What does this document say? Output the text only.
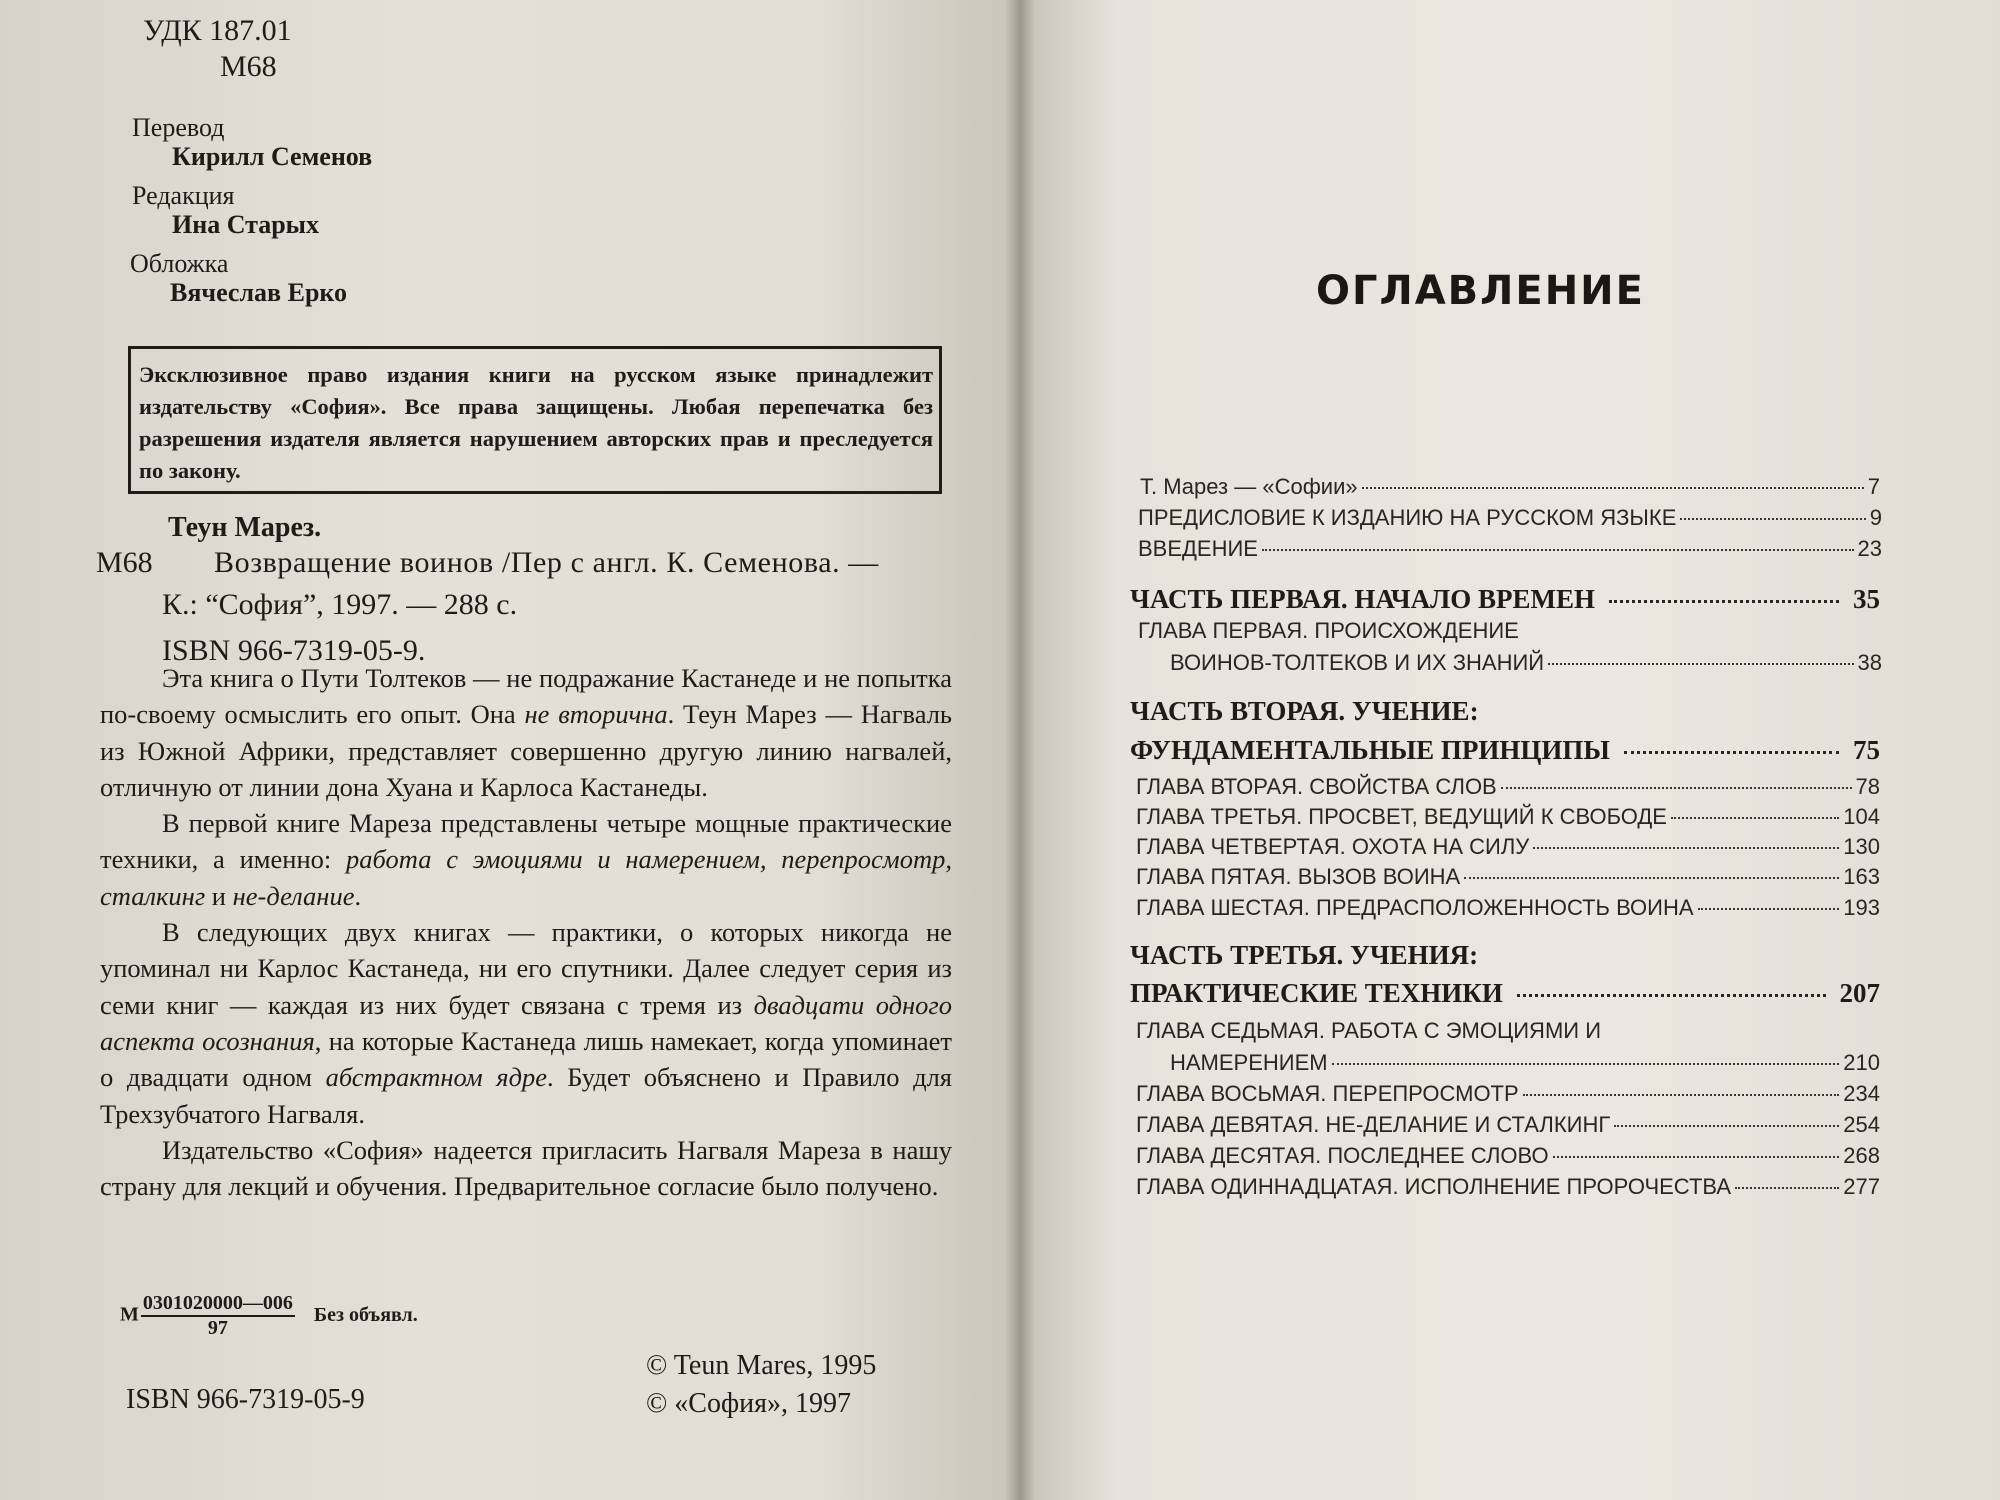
УДК 187.01
М68
Перевод
Кирилл Семенов
Редакция
Ина Старых
Обложка
Вячеслав Ерко
Эксклюзивное право издания книги на русском языке принадлежит издательству «София». Все права защищены. Любая перепечатка без разрешения издателя является нарушением авторских прав и преследуется по закону.
Теун Марез.
М68 Возвращение воинов /Пер с англ. К. Семенова. —
К.: “София”, 1997. — 288 с.
ISBN 966-7319-05-9.

Эта книга о Пути Толтеков — не подражание Кастанеде и не попытка по-своему осмыслить его опыт. Она не вторична. Теун Марез — Нагваль из Южной Африки, представляет совершенно другую линию нагвалей, отличную от линии дона Хуана и Карлоса Кастанеды.

В первой книге Мареза представлены четыре мощные практические техники, а именно: работа с эмоциями и намерением, перепросмотр, сталкинг и не-делание.

В следующих двух книгах — практики, о которых никогда не упоминал ни Карлос Кастанеда, ни его спутники. Далее следует серия из семи книг — каждая из них будет связана с тремя из двадцати одного аспекта осознания, на которые Кастанеда лишь намекает, когда упоминает о двадцати одном абстрактном ядре. Будет объяснено и Правило для Трехзубчатого Нагваля.

Издательство «София» надеется пригласить Нагваля Мареза в нашу страну для лекций и обучения. Предварительное согласие было получено.

М $\frac{0301020000—006}{97}$ Без объявл.
ISBN 966-7319-05-9
© Teun Mares, 1995
© «София», 1997
ОГЛАВЛЕНИЕ
Т. Марез — «Софии»	7
ПРЕДИСЛОВИЕ К ИЗДАНИЮ НА РУССКОМ ЯЗЫКЕ	9
ВВЕДЕНИЕ	23
ЧАСТЬ ПЕРВАЯ. НАЧАЛО ВРЕМЕН	35
ГЛАВА ПЕРВАЯ. ПРОИСХОЖДЕНИЕ
ВОИНОВ-ТОЛТЕКОВ И ИХ ЗНАНИЙ	38
ЧАСТЬ ВТОРАЯ. УЧЕНИЕ:
ФУНДАМЕНТАЛЬНЫЕ ПРИНЦИПЫ	75
ГЛАВА ВТОРАЯ. СВОЙСТВА СЛОВ	78
ГЛАВА ТРЕТЬЯ. ПРОСВЕТ, ВЕДУЩИЙ К СВОБОДЕ	104
ГЛАВА ЧЕТВЕРТАЯ. ОХОТА НА СИЛУ	130
ГЛАВА ПЯТАЯ. ВЫЗОВ ВОИНА	163
ГЛАВА ШЕСТАЯ. ПРЕДРАСПОЛОЖЕННОСТЬ ВОИНА	193
ЧАСТЬ ТРЕТЬЯ. УЧЕНИЯ:
ПРАКТИЧЕСКИЕ ТЕХНИКИ	207
ГЛАВА СЕДЬМАЯ. РАБОТА С ЭМОЦИЯМИ И
НАМЕРЕНИЕМ	210
ГЛАВА ВОСЬМАЯ. ПЕРЕПРОСМОТР	234
ГЛАВА ДЕВЯТАЯ. НЕ-ДЕЛАНИЕ И СТАЛКИНГ	254
ГЛАВА ДЕСЯТАЯ. ПОСЛЕДНЕЕ СЛОВО	268
ГЛАВА ОДИННАДЦАТАЯ. ИСПОЛНЕНИЕ ПРОРОЧЕСТВА	277
